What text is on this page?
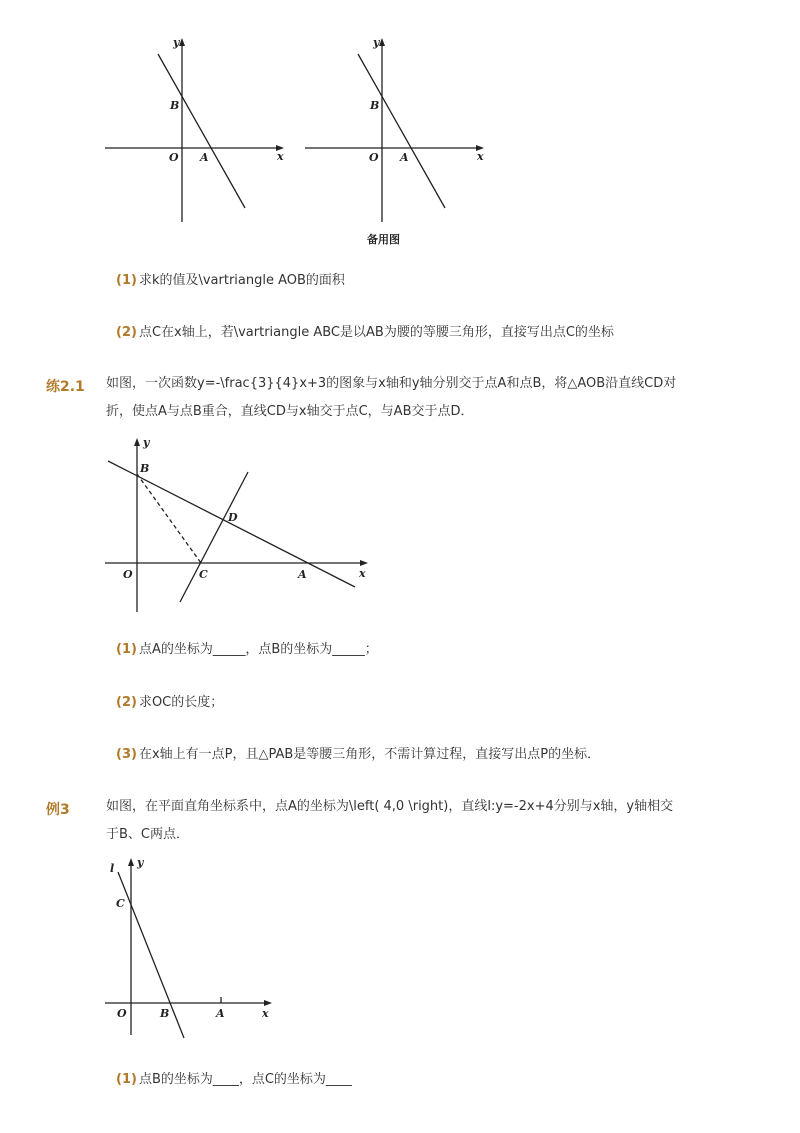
x
y
O A
B
x
y
O A
B
备用图
(1) 求k的值及\vartriangle AOB的面积
(2) 点C在x轴上，若\vartriangle ABC是以AB为腰的等腰三角形，直接写出点C的坐标
练2.1 如图，一次函数y=-\frac{3}{4}x+3的图象与x轴和y轴分别交于点A和点B，将△AOB沿直线CD对
折，使点A与点B重合，直线CD与x轴交于点C，与AB交于点D．
x
y
O	A
B
C
D
(1) 点A的坐标为_____，点B的坐标为_____；
(2) 求OC的长度；
(3) 在x轴上有一点P，且△PAB是等腰三角形，不需计算过程，直接写出点P的坐标．
例3	如图，在平面直角坐标系中，点A的坐标为\left( 4,0 \right)，直线l:y=-2x+4分别与x轴，y轴相交
于B、C两点．
x
y
l
O	B	A
C
(1) 点B的坐标为____，点C的坐标为____
